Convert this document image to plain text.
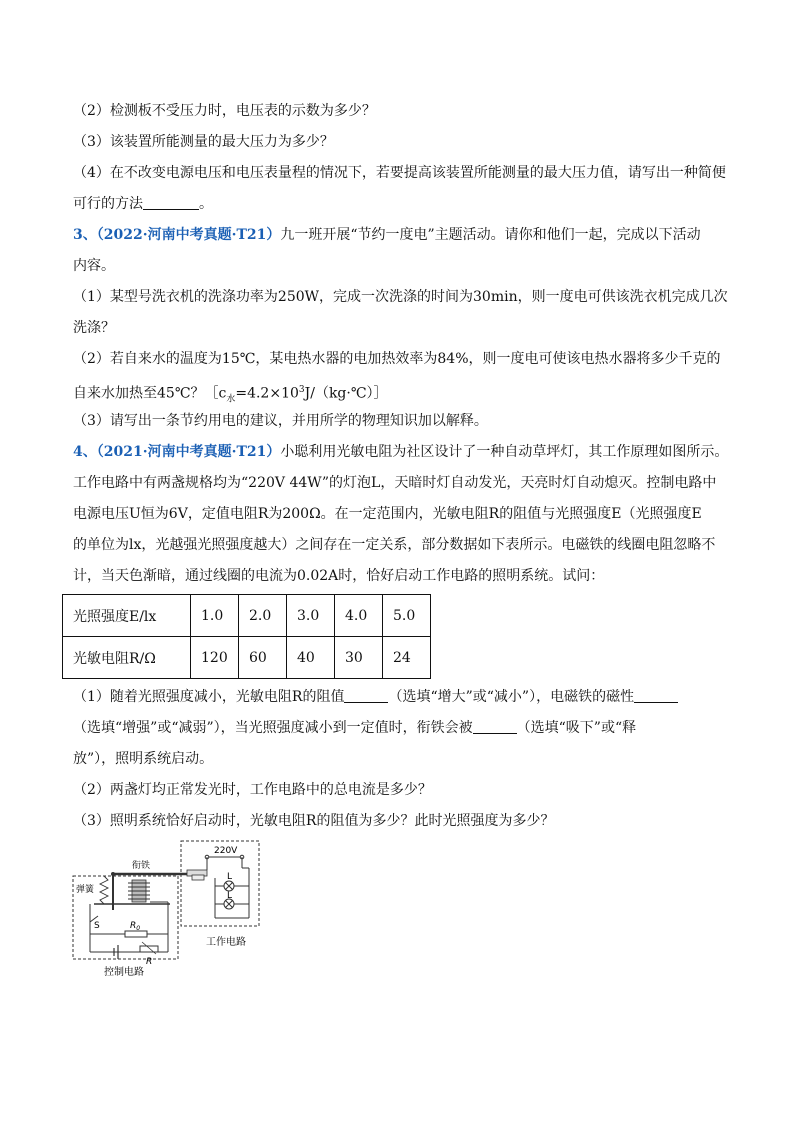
（2）检测板不受压力时，电压表的示数为多少？
（3）该装置所能测量的最大压力为多少？
（4）在不改变电源电压和电压表量程的情况下，若要提高该装置所能测量的最大压力值，请写出一种简便
可行的方法	。
3、（2022·河南中考真题·T21）九一班开展“节约一度电”主题活动。请你和他们一起，完成以下活动
内容。
（1）某型号洗衣机的洗涤功率为250W，完成一次洗涤的时间为30min，则一度电可供该洗衣机完成几次
洗涤？
（2）若自来水的温度为15℃，某电热水器的电加热效率为84%，则一度电可使该电热水器将多少千克的
自来水加热至45℃？$[c_水=4.2\times 10^3J/(kg\cdot℃)]$
（3）请写出一条节约用电的建议，并用所学的物理知识加以解释。
4、（2021·河南中考真题·T21）小聪利用光敏电阻为社区设计了一种自动草坪灯，其工作原理如图所示。
工作电路中有两盏规格均为“220V 44W”的灯泡L，天暗时灯自动发光，天亮时灯自动熄灭。控制电路中
电源电压U恒为6V，定值电阻R为200Ω。在一定范围内，光敏电阻R的阻值与光照强度E（光照强度E
的单位为lx，光越强光照强度越大）之间存在一定关系，部分数据如下表所示。电磁铁的线圈电阻忽略不
计，当天色渐暗，通过线圈的电流为0.02A时，恰好启动工作电路的照明系统。试问：
光照强度E/lx	1.0	2.0	3.0	4.0	5.0
光敏电阻R/Ω	120	60	40	30	24
（1）随着光照强度减小，光敏电阻R的阻值	（选填“增大”或“减小”），电磁铁的磁性
（选填“增强”或“减弱”），当光照强度减小到一定值时，衔铁会被	（选填“吸下”或“释
放”），照明系统启动。
（2）两盏灯均正常发光时，工作电路中的总电流是多少？
（3）照明系统恰好启动时，光敏电阻R的阻值为多少？此时光照强度为多少？
220V
L
L
工作电路
衔铁
弹簧
S	$R_0$
R
控制电路
